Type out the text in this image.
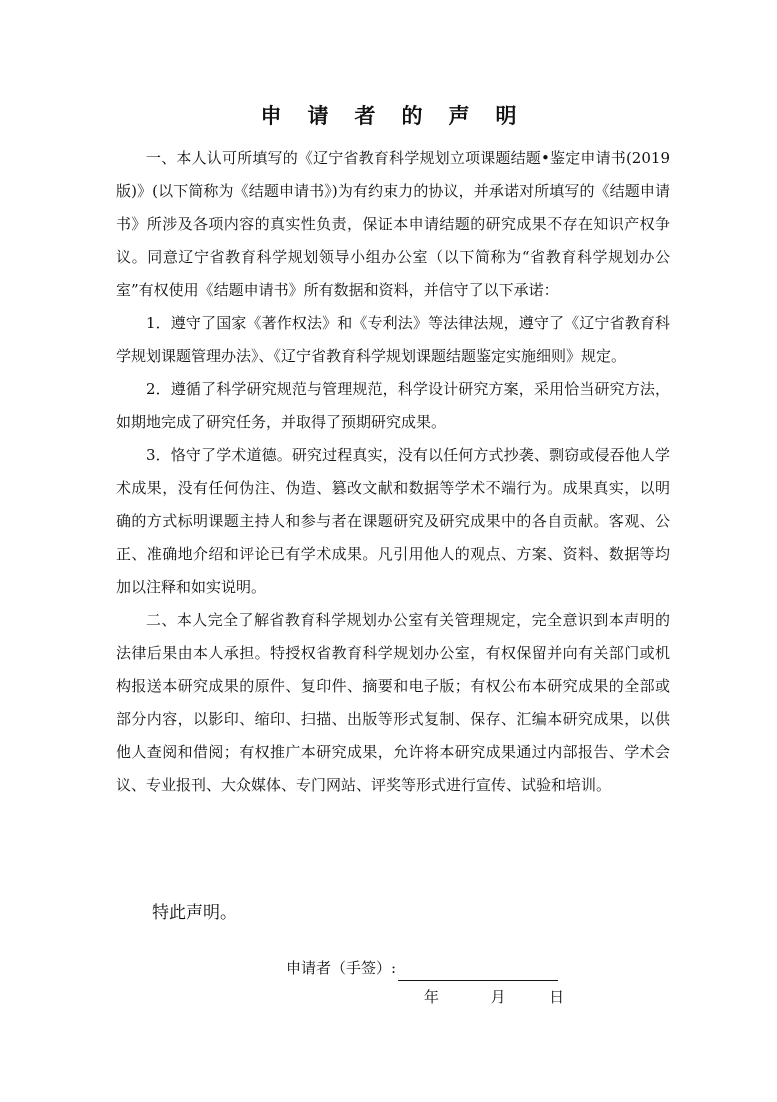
申请者的声明

一、本人认可所填写的《辽宁省教育科学规划立项课题结题•鉴定申请书(2019 版)》(以下简称为《结题申请书》)为有约束力的协议，并承诺对所填写的《结题申请书》所涉及各项内容的真实性负责，保证本申请结题的研究成果不存在知识产权争议。同意辽宁省教育科学规划领导小组办公室（以下简称为“省教育科学规划办公室”有权使用《结题申请书》所有数据和资料，并信守了以下承诺：

1．遵守了国家《著作权法》和《专利法》等法律法规，遵守了《辽宁省教育科学规划课题管理办法》、《辽宁省教育科学规划课题结题鉴定实施细则》规定。

2．遵循了科学研究规范与管理规范，科学设计研究方案，采用恰当研究方法，如期地完成了研究任务，并取得了预期研究成果。

3．恪守了学术道德。研究过程真实，没有以任何方式抄袭、剽窃或侵吞他人学术成果，没有任何伪注、伪造、篡改文献和数据等学术不端行为。成果真实，以明确的方式标明课题主持人和参与者在课题研究及研究成果中的各自贡献。客观、公正、准确地介绍和评论已有学术成果。凡引用他人的观点、方案、资料、数据等均加以注释和如实说明。

二、本人完全了解省教育科学规划办公室有关管理规定，完全意识到本声明的法律后果由本人承担。特授权省教育科学规划办公室，有权保留并向有关部门或机构报送本研究成果的原件、复印件、摘要和电子版；有权公布本研究成果的全部或部分内容，以影印、缩印、扫描、出版等形式复制、保存、汇编本研究成果，以供他人查阅和借阅；有权推广本研究成果，允许将本研究成果通过内部报告、学术会议、专业报刊、大众媒体、专门网站、评奖等形式进行宣传、试验和培训。

特此声明。
申请者（手签）:
年	月	日
